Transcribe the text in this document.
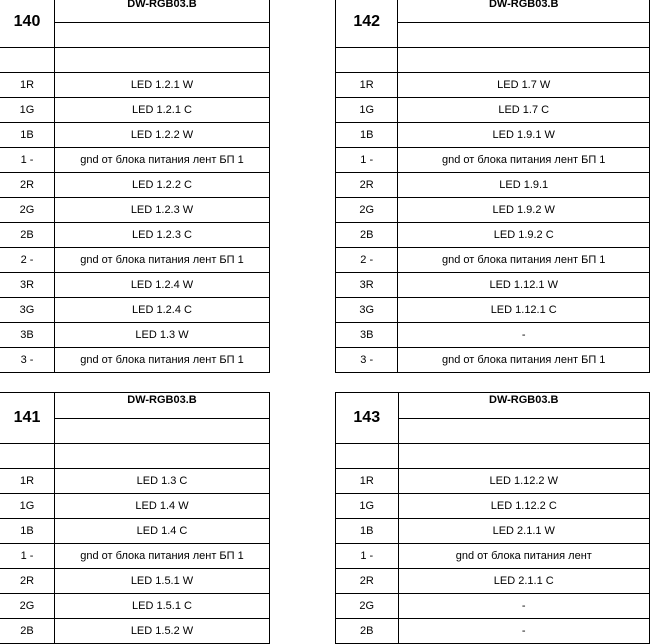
140	DW-RGB03.B

1R	LED 1.2.1 W
1G	LED 1.2.1 C
1B	LED 1.2.2 W
1 -	gnd от блока питания лент БП 1
2R	LED 1.2.2 C
2G	LED 1.2.3 W
2B	LED 1.2.3 C
2 -	gnd от блока питания лент БП 1
3R	LED 1.2.4 W
3G	LED 1.2.4 C
3B	LED 1.3 W
3 -	gnd от блока питания лент БП 1
142	DW-RGB03.B

1R	LED 1.7 W
1G	LED 1.7 C
1B	LED 1.9.1 W
1 -	gnd от блока питания лент БП 1
2R	LED 1.9.1
2G	LED 1.9.2 W
2B	LED 1.9.2 C
2 -	gnd от блока питания лент БП 1
3R	LED 1.12.1 W
3G	LED 1.12.1 C
3B	-
3 -	gnd от блока питания лент БП 1
141	DW-RGB03.B

1R	LED 1.3 C
1G	LED 1.4 W
1B	LED 1.4 C
1 -	gnd от блока питания лент БП 1
2R	LED 1.5.1 W
2G	LED 1.5.1 C
2B	LED 1.5.2 W
143	DW-RGB03.B

1R	LED 1.12.2 W
1G	LED 1.12.2 C
1B	LED 2.1.1 W
1 -	gnd от блока питания лент
2R	LED 2.1.1 C
2G	-
2B	-
